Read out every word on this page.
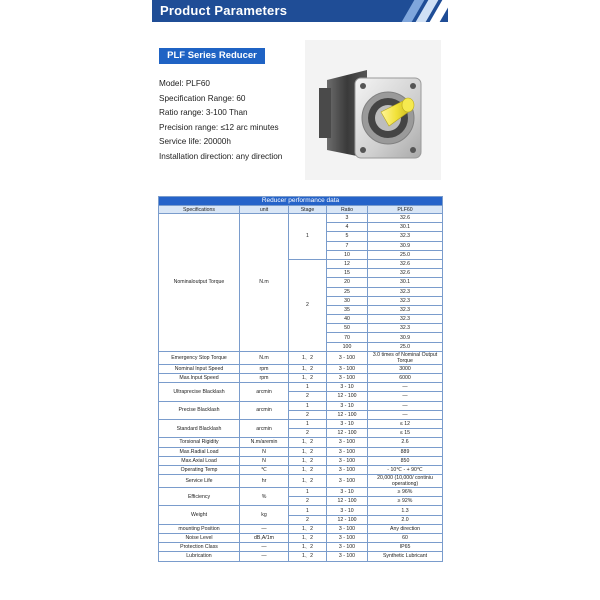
Product Parameters
PLF Series Reducer
Model: PLF60
Specification Range: 60
Ratio range: 3-100 Than
Precision range: ≤12 arc minutes
Service life: 20000h
Installation direction: any direction
Reducer performance data				
Specifications	unit	Stage	Ratio	PLF60
Nominaloutput Torque	N.m	1	3	32.6
			4	30.1
			5	32.3
			7	30.9
			10	25.0
		2	12	32.6
			15	32.6
			20	30.1
			25	32.3
			30	32.3
			35	32.3
			40	32.3
			50	32.3
			70	30.9
			100	25.0
Emergency Stop Torque	N.m	1、2	3 - 100	3.0 times of Nominal Output Torque
Nominal Input Speed	rpm	1、2	3 - 100	3000
Max.Input Speed	rpm	1、2	3 - 100	6000
Ultraprecise Blacklash	arcmin	1	3 - 10	—
		2	12 - 100	—
Precise Blacklash	arcmin	1	3 - 10	—
		2	12 - 100	—
Standard Blacklash	arcmin	1	3 - 10	≤ 12
		2	12 - 100	≤ 15
Torsional Rigidity	N.m/aremin	1、2	3 - 100	2.6
Max.Radial Load	N	1、2	3 - 100	889
Max.Axial Load	N	1、2	3 - 100	850
Operating Temp	℃	1、2	3 - 100	- 10℃ - + 90℃
Service Life	hr	1、2	3 - 100	20,000 (10,000/ continiu operationg)
Efficiency	%	1	3 - 10	≥ 96%
		2	12 - 100	≥ 92%
Weight	kg	1	3 - 10	1.3
		2	12 - 100	2.0
mounting Position	—	1、2	3 - 100	Any direction
Noise Level	dB,A/1m	1、2	3 - 100	60
Protection Class	—	1、2	3 - 100	IP65
Lubrication	—	1、2	3 - 100	Synthetic Lubricant
